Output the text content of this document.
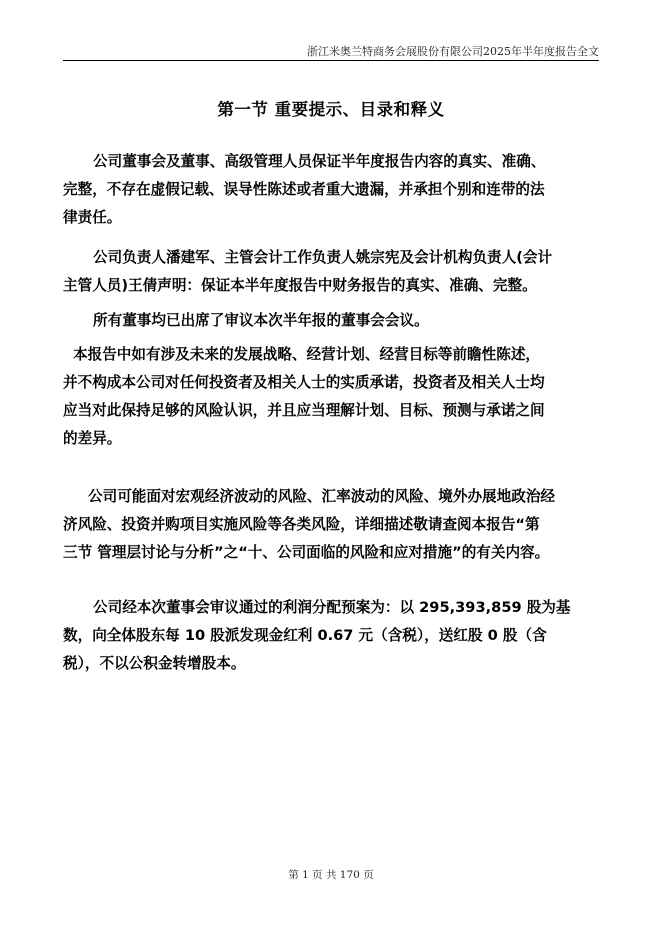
浙江米奥兰特商务会展股份有限公司2025年半年度报告全文
第一节 重要提示、目录和释义
公司董事会及董事、高级管理人员保证半年度报告内容的真实、准确、
完整，不存在虚假记载、误导性陈述或者重大遗漏，并承担个别和连带的法
律责任。
公司负责人潘建军、主管会计工作负责人姚宗宪及会计机构负责人(会计
主管人员)王倩声明：保证本半年度报告中财务报告的真实、准确、完整。
所有董事均已出席了审议本次半年报的董事会会议。
本报告中如有涉及未来的发展战略、经营计划、经营目标等前瞻性陈述，
并不构成本公司对任何投资者及相关人士的实质承诺，投资者及相关人士均
应当对此保持足够的风险认识，并且应当理解计划、目标、预测与承诺之间
的差异。
公司可能面对宏观经济波动的风险、汇率波动的风险、境外办展地政治经
济风险、投资并购项目实施风险等各类风险，详细描述敬请查阅本报告“第
三节 管理层讨论与分析”之“十、公司面临的风险和应对措施”的有关内容。
公司经本次董事会审议通过的利润分配预案为：以 295,393,859 股为基
数，向全体股东每 10 股派发现金红利 0.67 元（含税），送红股 0 股（含
税），不以公积金转增股本。
第 1 页 共 170 页
